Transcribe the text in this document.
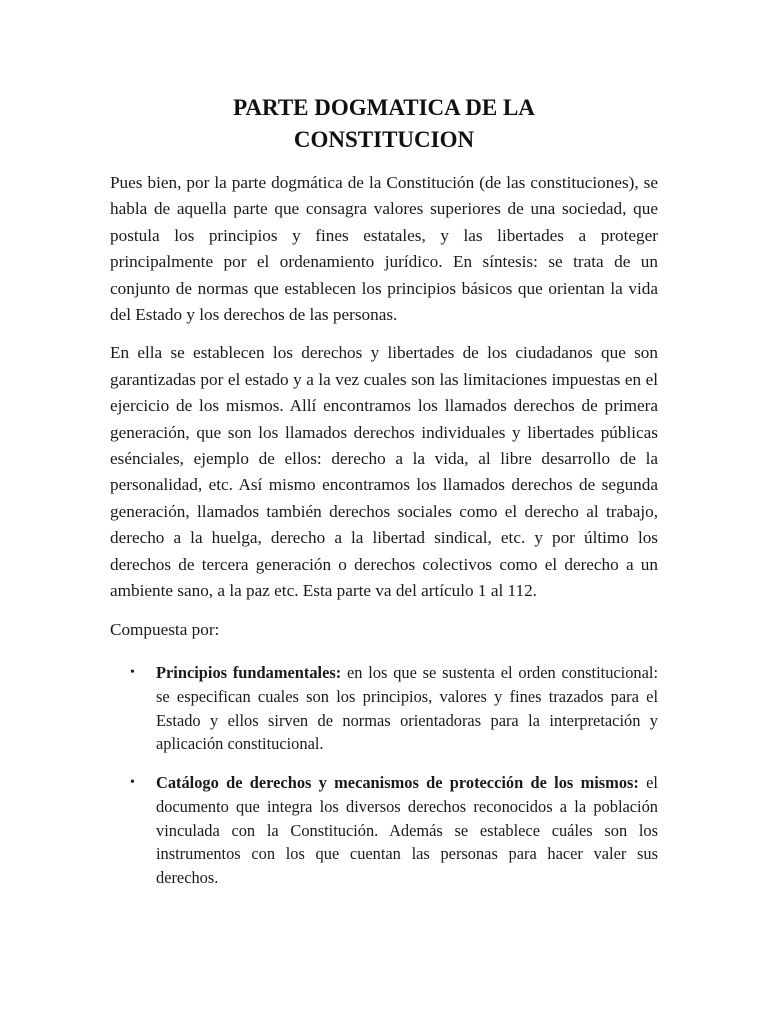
PARTE DOGMATICA DE LA
CONSTITUCION

Pues bien, por la parte dogmática de la Constitución (de las constituciones), se habla de aquella parte que consagra valores superiores de una sociedad, que postula los principios y fines estatales, y las libertades a proteger principalmente por el ordenamiento jurídico. En síntesis: se trata de un conjunto de normas que establecen los principios básicos que orientan la vida del Estado y los derechos de las personas.

En ella se establecen los derechos y libertades de los ciudadanos que son garantizadas por el estado y a la vez cuales son las limitaciones impuestas en el ejercicio de los mismos. Allí encontramos los llamados derechos de primera generación, que son los llamados derechos individuales y libertades públicas esénciales, ejemplo de ellos: derecho a la vida, al libre desarrollo de la personalidad, etc. Así mismo encontramos los llamados derechos de segunda generación, llamados también derechos sociales como el derecho al trabajo, derecho a la huelga, derecho a la libertad sindical, etc. y por último los derechos de tercera generación o derechos colectivos como el derecho a un ambiente sano, a la paz etc. Esta parte va del artículo 1 al 112.

Compuesta por:

• Principios fundamentales: en los que se sustenta el orden constitucional: se especifican cuales son los principios, valores y fines trazados para el Estado y ellos sirven de normas orientadoras para la interpretación y aplicación constitucional.
• Catálogo de derechos y mecanismos de protección de los mismos: el documento que integra los diversos derechos reconocidos a la población vinculada con la Constitución. Además se establece cuáles son los instrumentos con los que cuentan las personas para hacer valer sus derechos.
